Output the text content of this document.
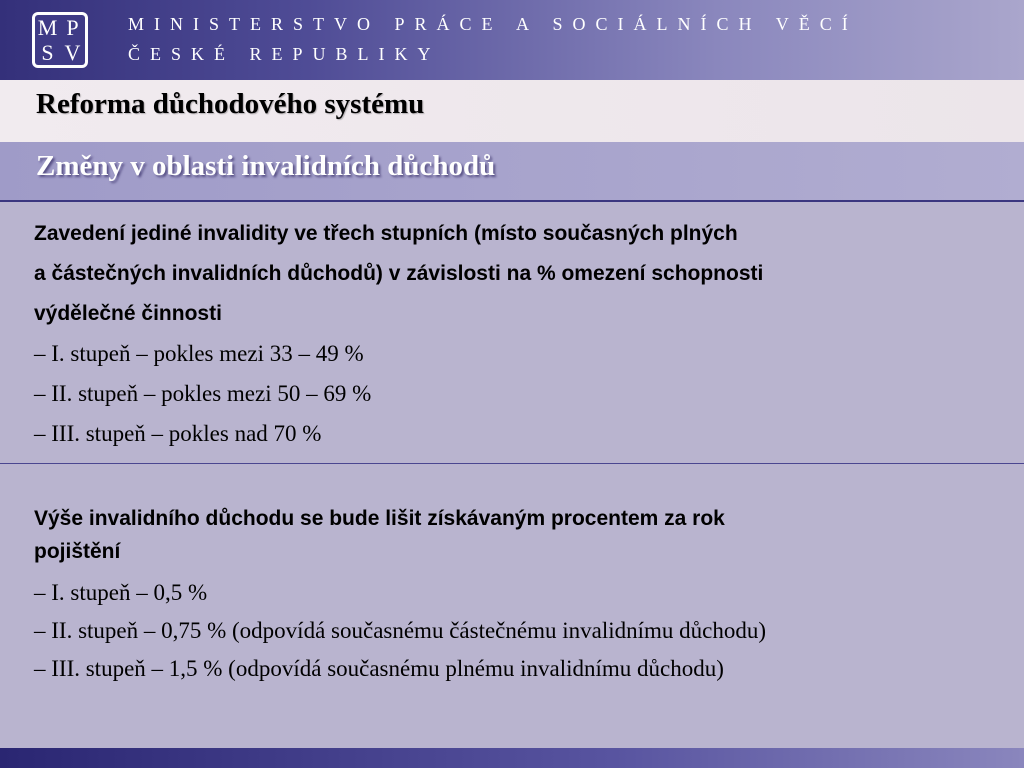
M P
S V
MINISTERSTVO PRÁCE A SOCIÁLNÍCH VĚCÍ
ČESKÉ REPUBLIKY
Reforma důchodového systému
Změny v oblasti invalidních důchodů
Zavedení jediné invalidity ve třech stupních (místo současných plných
a částečných invalidních důchodů) v závislosti na % omezení schopnosti
výdělečné činnosti
– I. stupeň – pokles mezi 33 – 49 %
– II. stupeň – pokles mezi 50 – 69 %
– III. stupeň – pokles nad 70 %
Výše invalidního důchodu se bude lišit získávaným procentem za rok
pojištění
– I. stupeň – 0,5 %
– II. stupeň – 0,75 % (odpovídá současnému částečnému invalidnímu důchodu)
– III. stupeň – 1,5 % (odpovídá současnému plnému invalidnímu důchodu)
